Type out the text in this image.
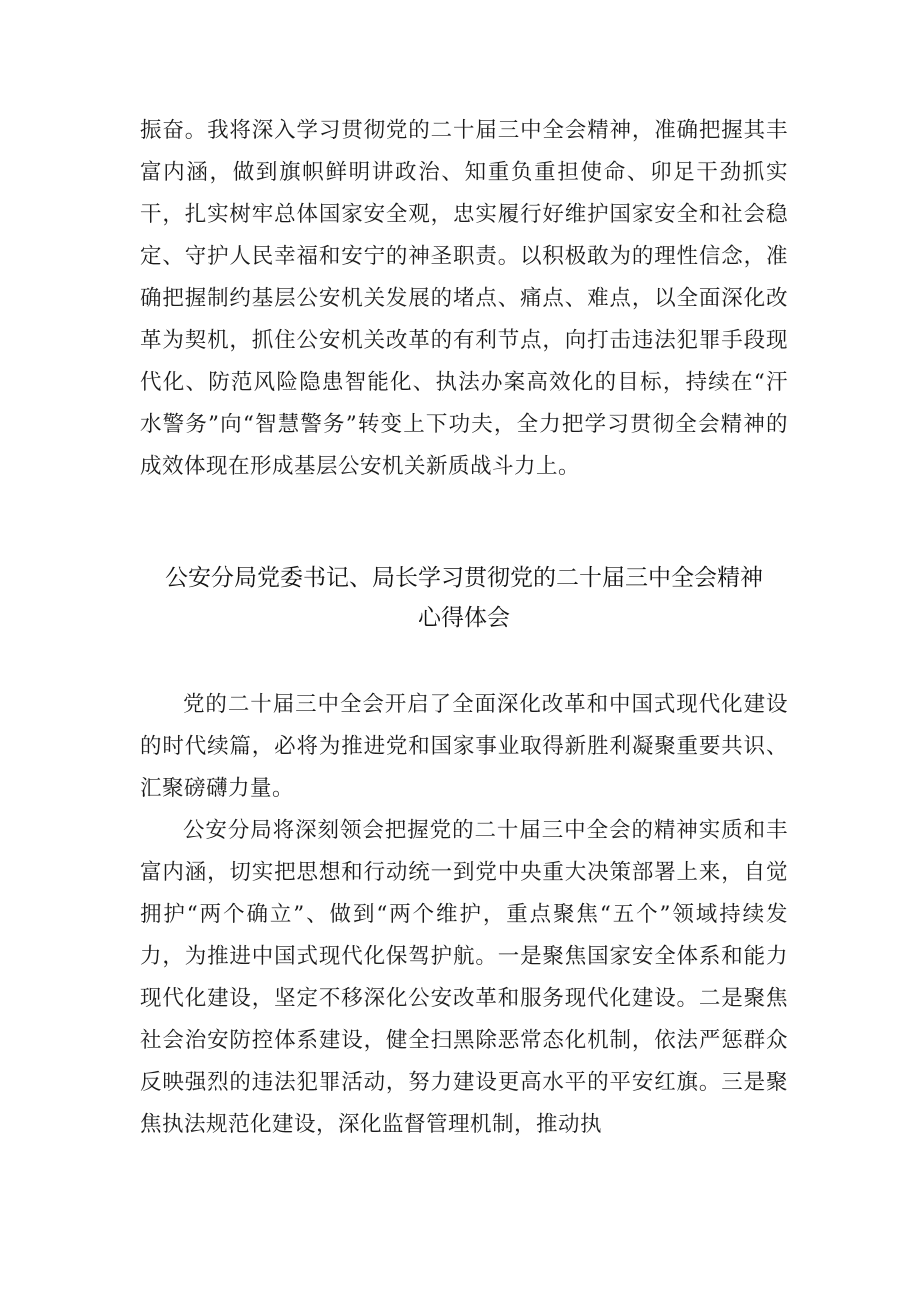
振奋。我将深入学习贯彻党的二十届三中全会精神，准确把握其丰富内涵，做到旗帜鲜明讲政治、知重负重担使命、卯足干劲抓实干，扎实树牢总体国家安全观，忠实履行好维护国家安全和社会稳定、守护人民幸福和安宁的神圣职责。以积极敢为的理性信念，准确把握制约基层公安机关发展的堵点、痛点、难点，以全面深化改革为契机，抓住公安机关改革的有利节点，向打击违法犯罪手段现代化、防范风险隐患智能化、执法办案高效化的目标，持续在“汗水警务”向“智慧警务”转变上下功夫，全力把学习贯彻全会精神的成效体现在形成基层公安机关新质战斗力上。
公安分局党委书记、局长学习贯彻党的二十届三中全会精神
心得体会

党的二十届三中全会开启了全面深化改革和中国式现代化建设的时代续篇，必将为推进党和国家事业取得新胜利凝聚重要共识、汇聚磅礴力量。

公安分局将深刻领会把握党的二十届三中全会的精神实质和丰富内涵，切实把思想和行动统一到党中央重大决策部署上来，自觉拥护“两个确立”、做到“两个维护，重点聚焦“五个”领域持续发力，为推进中国式现代化保驾护航。一是聚焦国家安全体系和能力现代化建设，坚定不移深化公安改革和服务现代化建设。二是聚焦社会治安防控体系建设，健全扫黑除恶常态化机制，依法严惩群众反映强烈的违法犯罪活动，努力建设更高水平的平安红旗。三是聚焦执法规范化建设，深化监督管理机制，推动执
